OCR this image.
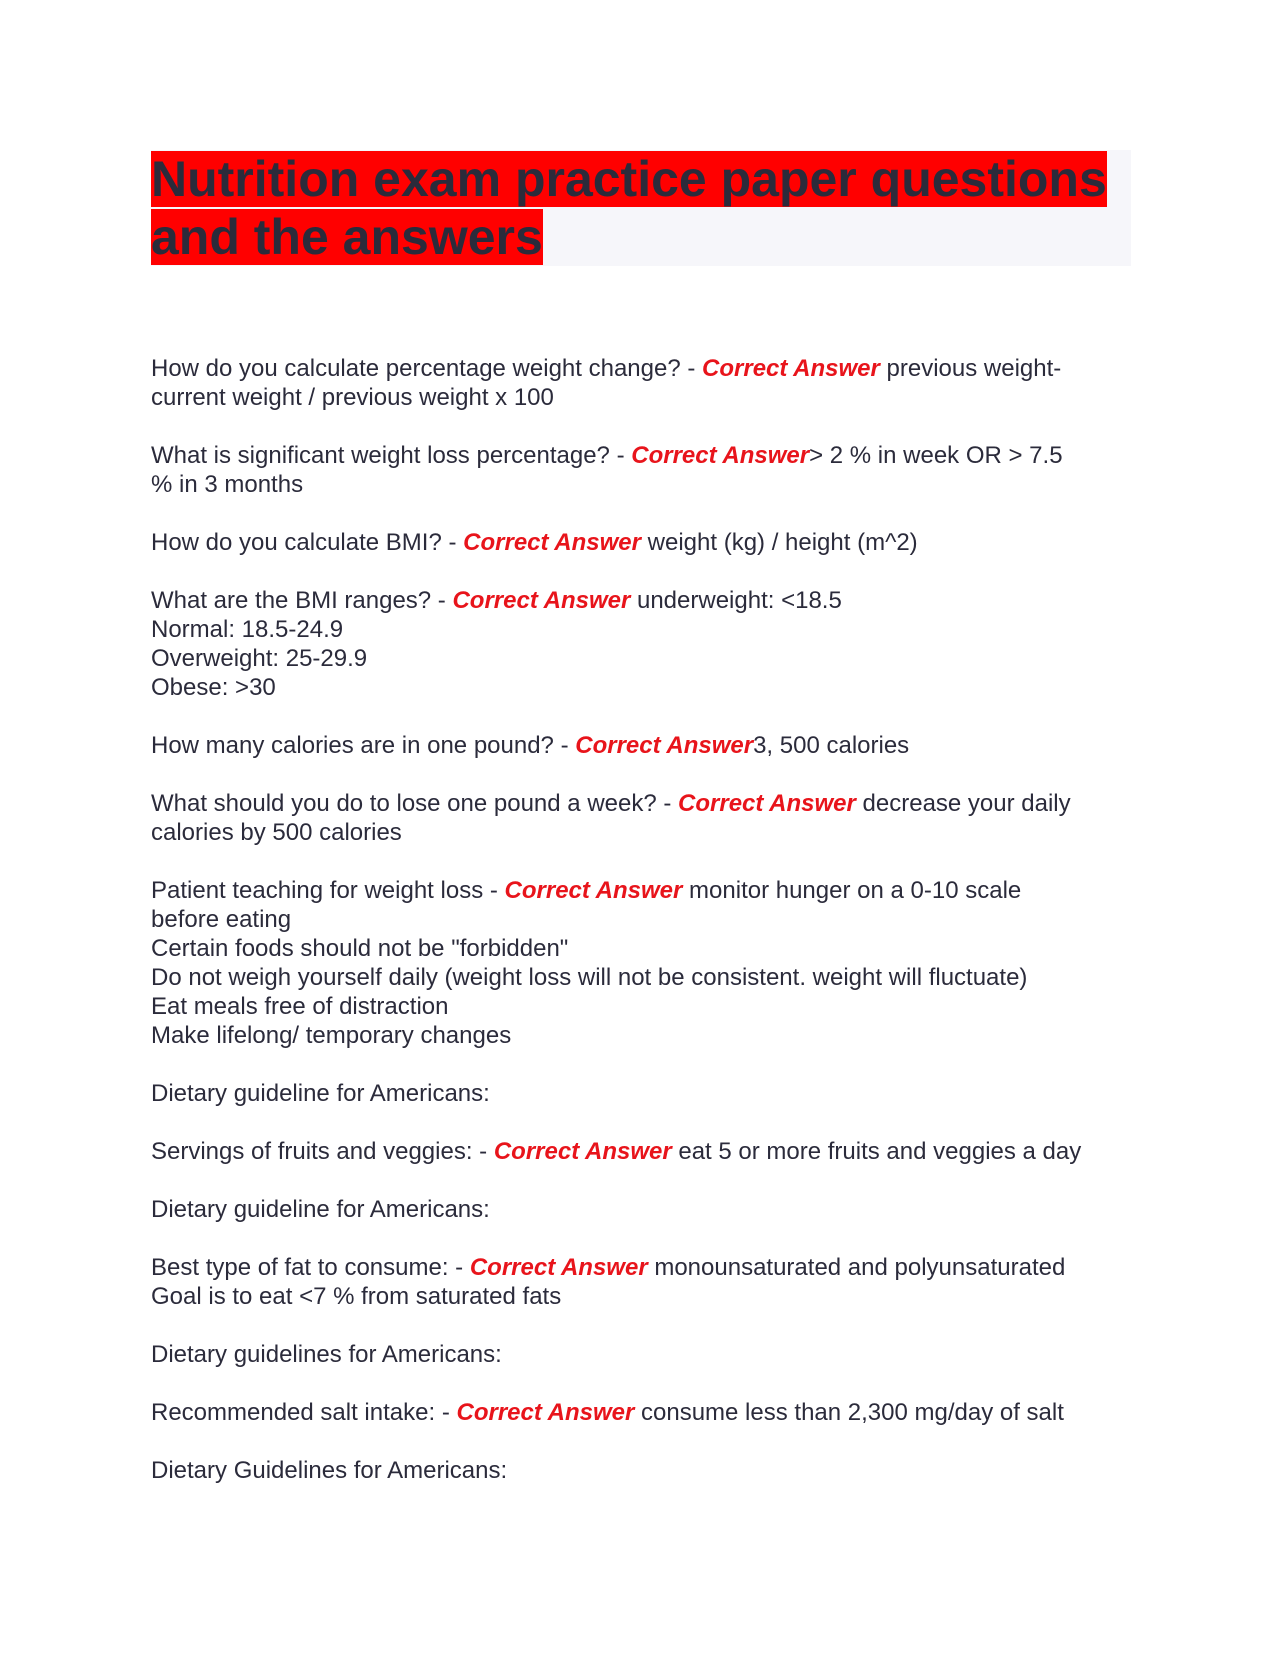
Nutrition exam practice paper questions
and the answers

How do you calculate percentage weight change? - Correct Answer previous weight-
current weight / previous weight x 100

What is significant weight loss percentage? - Correct Answer> 2 % in week OR > 7.5
% in 3 months

How do you calculate BMI? - Correct Answer weight (kg) / height (m^2)

What are the BMI ranges? - Correct Answer underweight: <18.5
Normal: 18.5-24.9
Overweight: 25-29.9
Obese: >30

How many calories are in one pound? - Correct Answer3, 500 calories

What should you do to lose one pound a week? - Correct Answer decrease your daily
calories by 500 calories

Patient teaching for weight loss - Correct Answer monitor hunger on a 0-10 scale
before eating
Certain foods should not be "forbidden"
Do not weigh yourself daily (weight loss will not be consistent. weight will fluctuate)
Eat meals free of distraction
Make lifelong/ temporary changes

Dietary guideline for Americans:

Servings of fruits and veggies: - Correct Answer eat 5 or more fruits and veggies a day

Dietary guideline for Americans:

Best type of fat to consume: - Correct Answer monounsaturated and polyunsaturated
Goal is to eat <7 % from saturated fats

Dietary guidelines for Americans:

Recommended salt intake: - Correct Answer consume less than 2,300 mg/day of salt

Dietary Guidelines for Americans:
